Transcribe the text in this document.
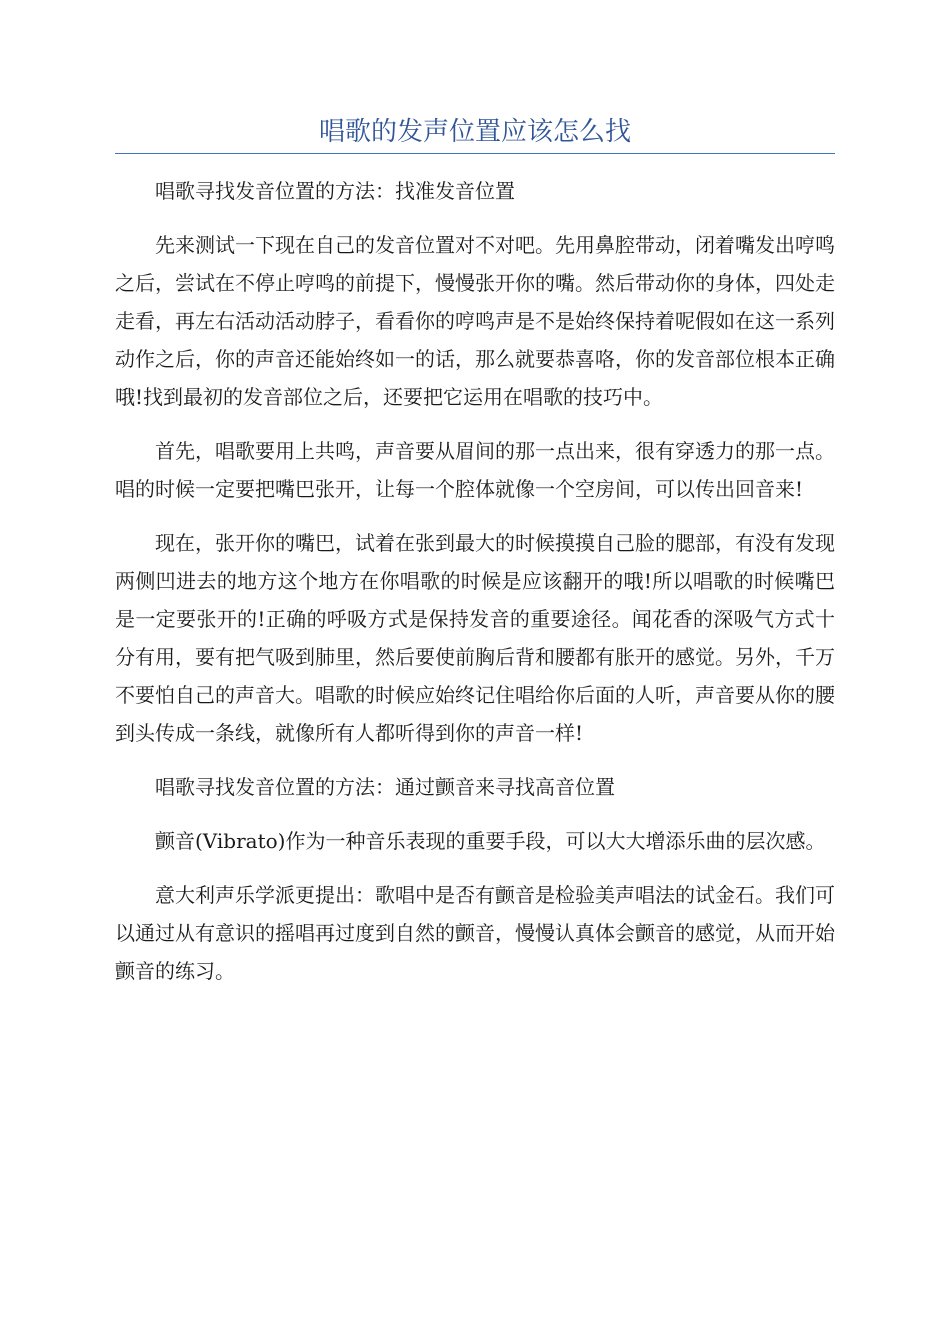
唱歌的发声位置应该怎么找

唱歌寻找发音位置的方法：找准发音位置

先来测试一下现在自己的发音位置对不对吧。先用鼻腔带动，闭着嘴发出哼鸣之后，尝试在不停止哼鸣的前提下，慢慢张开你的嘴。然后带动你的身体，四处走走看，再左右活动活动脖子，看看你的哼鸣声是不是始终保持着呢假如在这一系列动作之后，你的声音还能始终如一的话，那么就要恭喜咯，你的发音部位根本正确哦!找到最初的发音部位之后，还要把它运用在唱歌的技巧中。

首先，唱歌要用上共鸣，声音要从眉间的那一点出来，很有穿透力的那一点。唱的时候一定要把嘴巴张开，让每一个腔体就像一个空房间，可以传出回音来!

现在，张开你的嘴巴，试着在张到最大的时候摸摸自己脸的腮部，有没有发现两侧凹进去的地方这个地方在你唱歌的时候是应该翻开的哦!所以唱歌的时候嘴巴是一定要张开的!正确的呼吸方式是保持发音的重要途径。闻花香的深吸气方式十分有用，要有把气吸到肺里，然后要使前胸后背和腰都有胀开的感觉。另外，千万不要怕自己的声音大。唱歌的时候应始终记住唱给你后面的人听，声音要从你的腰到头传成一条线，就像所有人都听得到你的声音一样!

唱歌寻找发音位置的方法：通过颤音来寻找高音位置

颤音(Vibrato)作为一种音乐表现的重要手段，可以大大增添乐曲的层次感。

意大利声乐学派更提出：歌唱中是否有颤音是检验美声唱法的试金石。我们可以通过从有意识的摇唱再过度到自然的颤音，慢慢认真体会颤音的感觉，从而开始颤音的练习。
